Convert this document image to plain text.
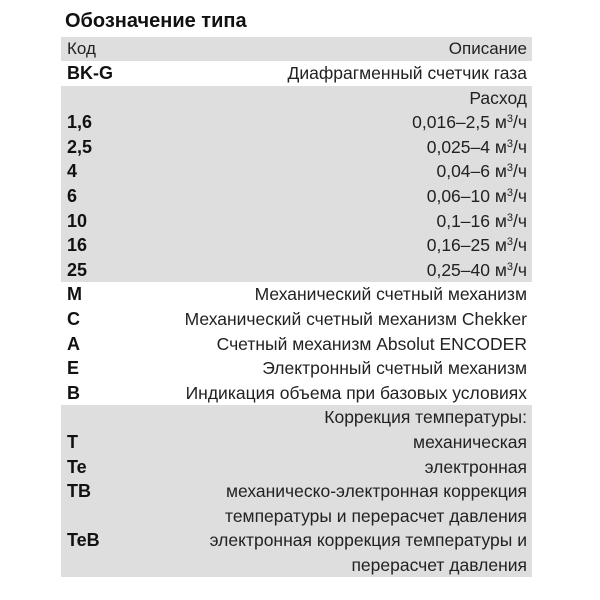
Обозначение типа
Код	Описание
BK-G	Диафрагменный счетчик газа
Расход
1,6	0,016–2,5 $м^3/ч$
2,5	0,025–4 $м^3/ч$
4	0,04–6 $м^3/ч$
6	0,06–10 $м^3/ч$
10	0,1–16 $м^3/ч$
16	0,16–25 $м^3/ч$
25	0,25–40 $м^3/ч$
M	Механический счетный механизм
C	Механический счетный механизм Chekker
A	Счетный механизм Absolut ENCODER
E	Электронный счетный механизм
B	Индикация объема при базовых условиях
Коррекция температуры:
T	механическая
Te	электронная
TB	механическо-электронная коррекция
температуры и перерасчет давления
TeB	электронная коррекция температуры и
перерасчет давления
